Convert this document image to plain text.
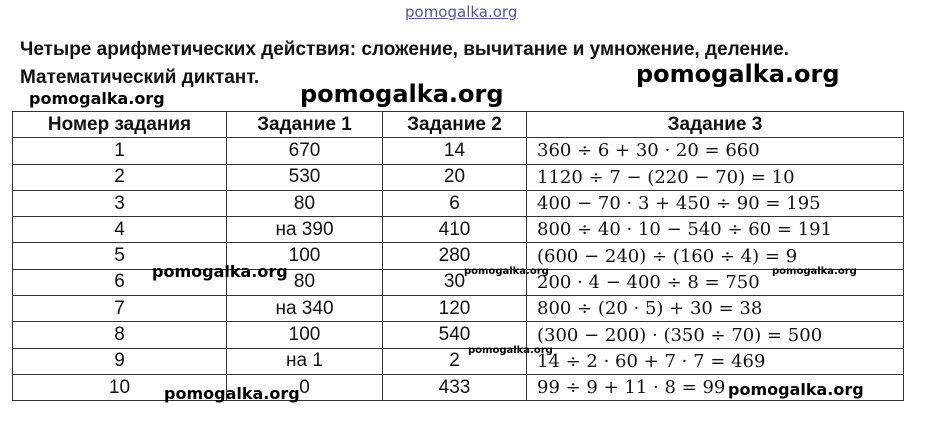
pomogalka.org
Четыре арифметических действия: сложение, вычитание и умножение, деление.
Математический диктант.	pomogalka.org
pomogalka.org	pomogalka.org
Номер задания	Задание 1	Задание 2	Задание 3
1	670	14	360 ÷ 6 + 30 · 20 = 660
2	530	20	1120 ÷ 7 − (220 − 70) = 10
3	80	6	400 − 70 · 3 + 450 ÷ 90 = 195
4	на 390	410	800 ÷ 40 · 10 − 540 ÷ 60 = 191
5	100	280	(600 − 240) ÷ (160 ÷ 4) = 9
6	80	30	200 · 4 − 400 ÷ 8 = 750
7	на 340	120	800 ÷ (20 · 5) + 30 = 38
8	100	540	(300 − 200) · (350 ÷ 70) = 500
9	на 1	2	14 ÷ 2 · 60 + 7 · 7 = 469
10	0	433	99 ÷ 9 + 11 · 8 = 99
pomogalka.org	pomogalka.org	pomogalka.org
pomogalka.org
pomogalka.org	pomogalka.org
